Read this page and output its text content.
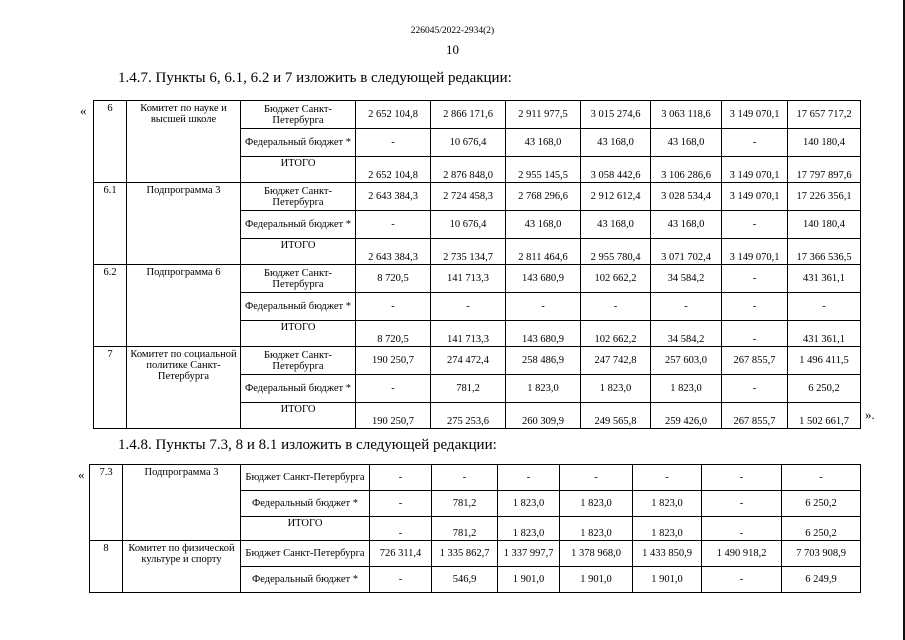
226045/2022-2934(2)
10
1.4.7. Пункты 6, 6.1, 6.2 и 7 изложить в следующей редакции:
« 6	Комитет по науке и высшей школе	Бюджет Санкт-Петербурга	2 652 104,8	2 866 171,6	2 911 977,5	3 015 274,6	3 063 118,6	3 149 070,1	17 657 717,2
		Федеральный бюджет *	-	10 676,4	43 168,0	43 168,0	43 168,0	-	140 180,4
		ИТОГО	2 652 104,8	2 876 848,0	2 955 145,5	3 058 442,6	3 106 286,6	3 149 070,1	17 797 897,6
6.1	Подпрограмма 3	Бюджет Санкт-Петербурга	2 643 384,3	2 724 458,3	2 768 296,6	2 912 612,4	3 028 534,4	3 149 070,1	17 226 356,1
		Федеральный бюджет *	-	10 676,4	43 168,0	43 168,0	43 168,0	-	140 180,4
		ИТОГО	2 643 384,3	2 735 134,7	2 811 464,6	2 955 780,4	3 071 702,4	3 149 070,1	17 366 536,5
6.2	Подпрограмма 6	Бюджет Санкт-Петербурга	8 720,5	141 713,3	143 680,9	102 662,2	34 584,2	-	431 361,1
		Федеральный бюджет *	-	-	-	-	-	-	-
		ИТОГО	8 720,5	141 713,3	143 680,9	102 662,2	34 584,2	-	431 361,1
7	Комитет по социальной политике Санкт-Петербурга	Бюджет Санкт-Петербурга	190 250,7	274 472,4	258 486,9	247 742,8	257 603,0	267 855,7	1 496 411,5
		Федеральный бюджет *	-	781,2	1 823,0	1 823,0	1 823,0	-	6 250,2
		ИТОГО	190 250,7	275 253,6	260 309,9	249 565,8	259 426,0	267 855,7	1 502 661,7 ».
1.4.8. Пункты 7.3, 8 и 8.1 изложить в следующей редакции:
« 7.3	Подпрограмма 3	Бюджет Санкт-Петербурга	-	-	-	-	-	-	-
		Федеральный бюджет *	-	781,2	1 823,0	1 823,0	1 823,0	-	6 250,2
		ИТОГО	-	781,2	1 823,0	1 823,0	1 823,0	-	6 250,2
8	Комитет по физической культуре и спорту	Бюджет Санкт-Петербурга	726 311,4	1 335 862,7	1 337 997,7	1 378 968,0	1 433 850,9	1 490 918,2	7 703 908,9
		Федеральный бюджет *	-	546,9	1 901,0	1 901,0	1 901,0	-	6 249,9
